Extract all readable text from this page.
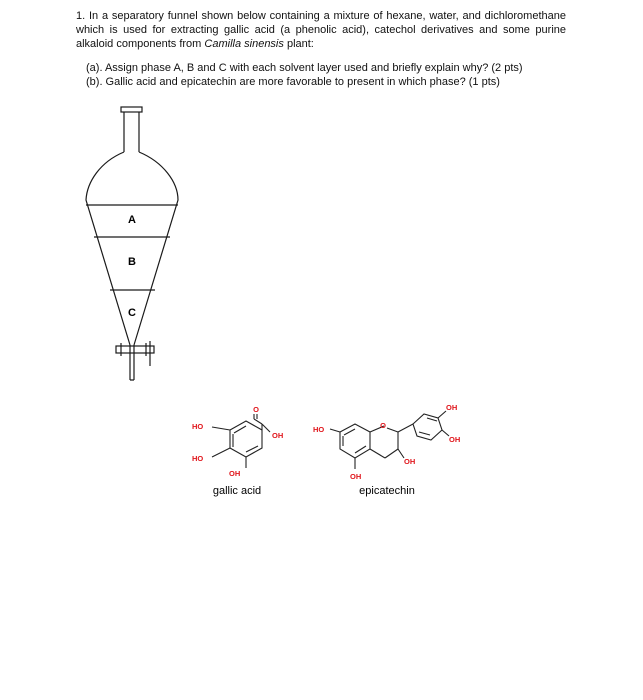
1. In a separatory funnel shown below containing a mixture of hexane, water, and dichloromethane which is used for extracting gallic acid (a phenolic acid), catechol derivatives and some purine alkaloid components from Camilla sinensis plant:
(a). Assign phase A, B and C with each solvent layer used and briefly explain why? (2 pts)
(b). Gallic acid and epicatechin are more favorable to present in which phase? (1 pts)
A
B
C
O
OH
HO
HO
OH
gallic acid
O
HO
OH
OH
OH
OH
epicatechin
